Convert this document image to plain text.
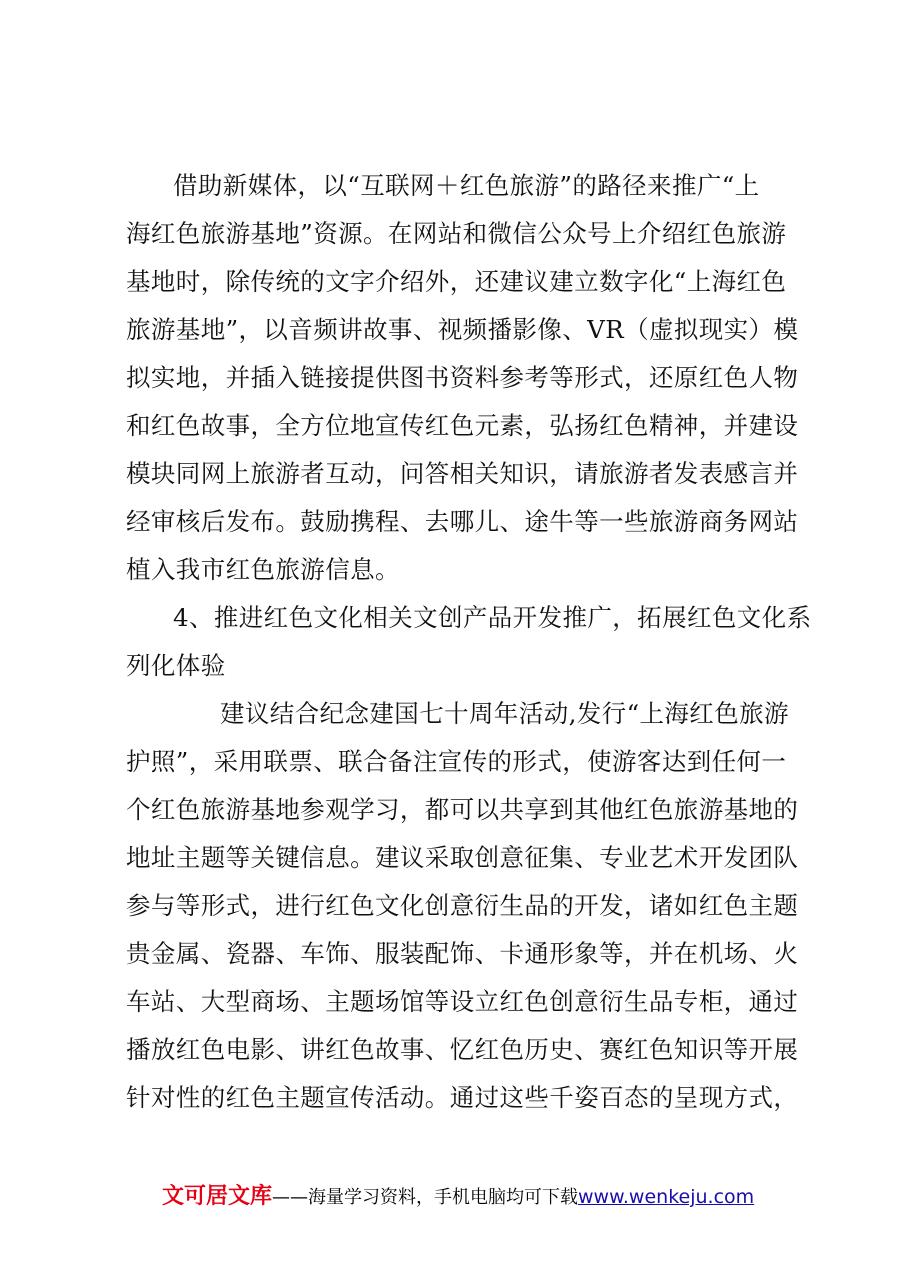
借助新媒体，以“互联网＋红色旅游”的路径来推广“上
海红色旅游基地”资源。在网站和微信公众号上介绍红色旅游
基地时，除传统的文字介绍外，还建议建立数字化“上海红色
旅游基地”，以音频讲故事、视频播影像、VR（虚拟现实）模
拟实地，并插入链接提供图书资料参考等形式，还原红色人物
和红色故事，全方位地宣传红色元素，弘扬红色精神，并建设
模块同网上旅游者互动，问答相关知识，请旅游者发表感言并
经审核后发布。鼓励携程、去哪儿、途牛等一些旅游商务网站
植入我市红色旅游信息。
4、推进红色文化相关文创产品开发推广，拓展红色文化系
列化体验
建议结合纪念建国七十周年活动,发行“上海红色旅游
护照”，采用联票、联合备注宣传的形式，使游客达到任何一
个红色旅游基地参观学习，都可以共享到其他红色旅游基地的
地址主题等关键信息。建议采取创意征集、专业艺术开发团队
参与等形式，进行红色文化创意衍生品的开发，诸如红色主题
贵金属、瓷器、车饰、服装配饰、卡通形象等，并在机场、火
车站、大型商场、主题场馆等设立红色创意衍生品专柜，通过
播放红色电影、讲红色故事、忆红色历史、赛红色知识等开展
针对性的红色主题宣传活动。通过这些千姿百态的呈现方式，
文可居文库——海量学习资料，手机电脑均可下载www.wenkeju.com
